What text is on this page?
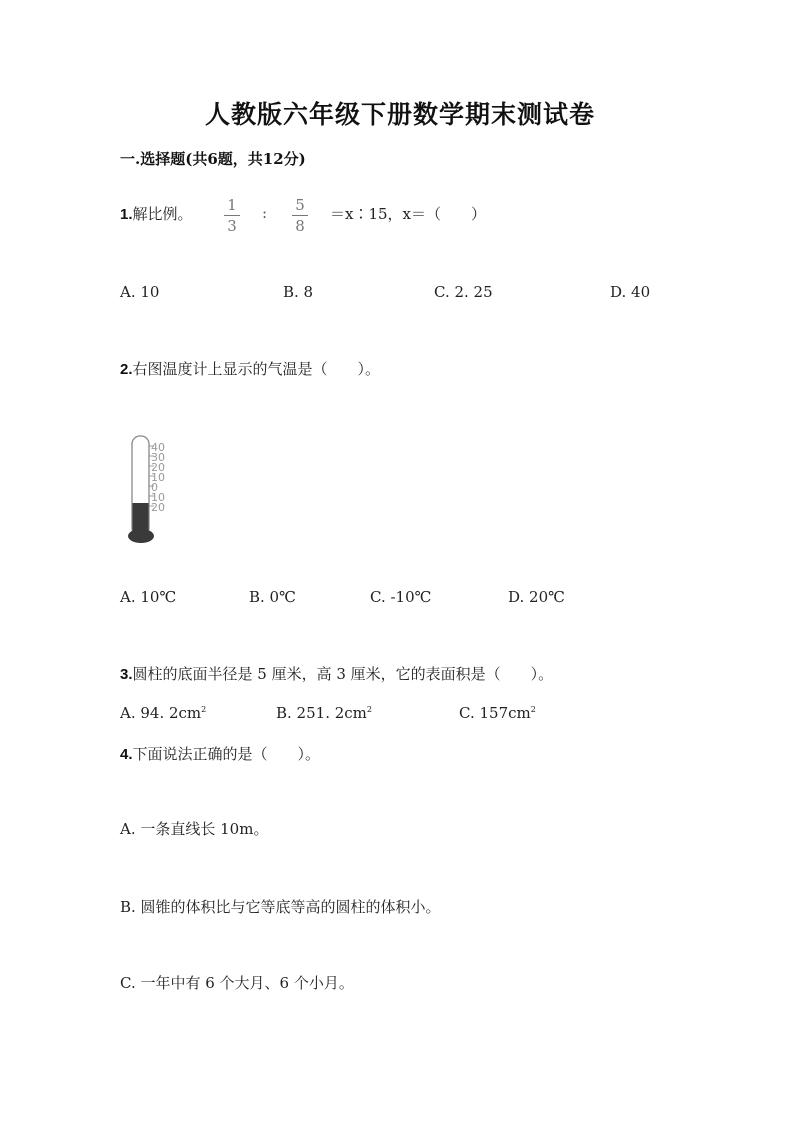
人教版六年级下册数学期末测试卷
一.选择题(共6题，共12分)
1.解比例。	1
3
:	5
8
＝x∶15，x＝（　　）
A. 10	B. 8	C. 2. 25	D. 40
2.右图温度计上显示的气温是（　　）。
40
30
20
10
0
10
20
A. 10℃	B. 0℃	C. -10℃	D. 20℃
3.圆柱的底面半径是 5 厘米，高 3 厘米，它的表面积是（　　）。
A. 94. $2cm^2$	B. 251. $2cm^2$	C. $157cm^2$
4.下面说法正确的是（　　）。
A. 一条直线长 10m。
B. 圆锥的体积比与它等底等高的圆柱的体积小。
C. 一年中有 6 个大月、6 个小月。
